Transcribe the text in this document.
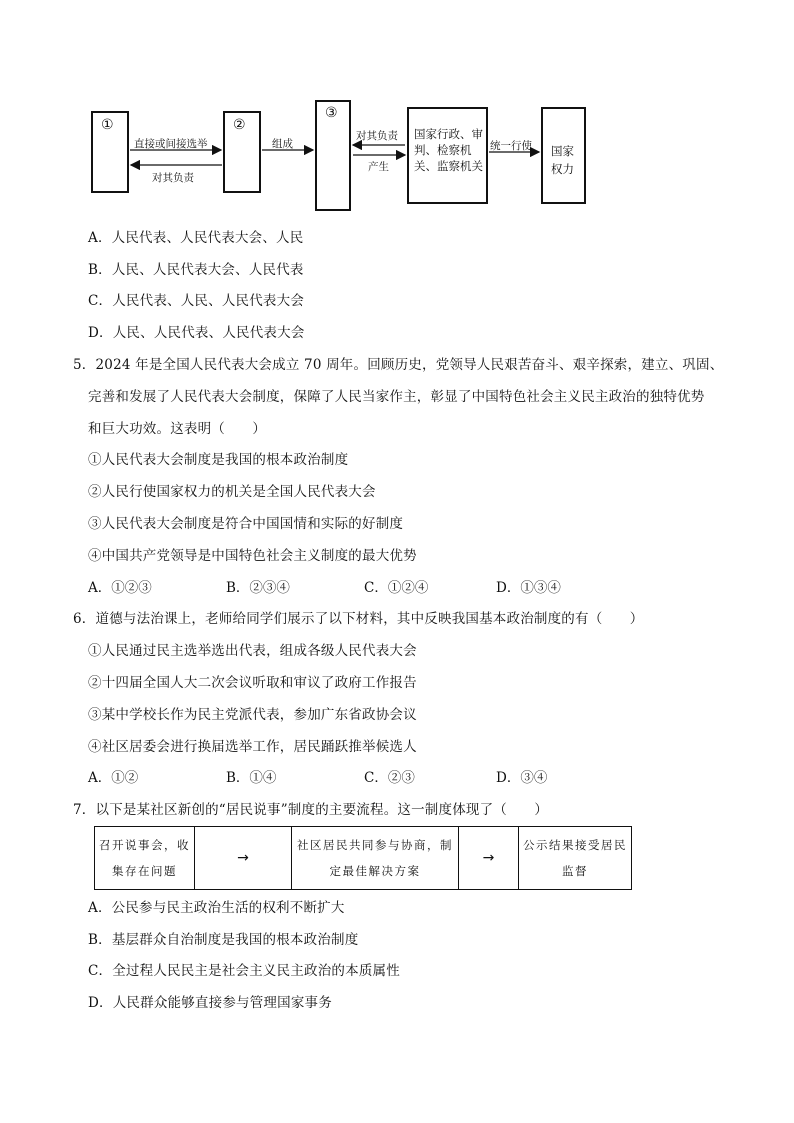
①	②
③
国家行政、审判、检察机关、监察机关
国家权力
直接或间接选举
对其负责
组成
对其负责
产生
统一行使
A．人民代表、人民代表大会、人民
B．人民、人民代表大会、人民代表
C．人民代表、人民、人民代表大会
D．人民、人民代表、人民代表大会
5．2024 年是全国人民代表大会成立 70 周年。回顾历史，党领导人民艰苦奋斗、艰辛探索，建立、巩固、
完善和发展了人民代表大会制度，保障了人民当家作主，彰显了中国特色社会主义民主政治的独特优势
和巨大功效。这表明（　　）
①人民代表大会制度是我国的根本政治制度
②人民行使国家权力的机关是全国人民代表大会
③人民代表大会制度是符合中国国情和实际的好制度
④中国共产党领导是中国特色社会主义制度的最大优势
A．①②③	B．②③④	C．①②④	D．①③④
6．道德与法治课上，老师给同学们展示了以下材料，其中反映我国基本政治制度的有（　　）
①人民通过民主选举选出代表，组成各级人民代表大会
②十四届全国人大二次会议听取和审议了政府工作报告
③某中学校长作为民主党派代表，参加广东省政协会议
④社区居委会进行换届选举工作，居民踊跃推举候选人
A．①②	B．①④	C．②③	D．③④
7．以下是某社区新创的“居民说事”制度的主要流程。这一制度体现了（　　）
召开说事会，收集存在问题
→
社区居民共同参与协商，制定最佳解决方案
→
公示结果接受居民监督
A．公民参与民主政治生活的权利不断扩大
B．基层群众自治制度是我国的根本政治制度
C．全过程人民民主是社会主义民主政治的本质属性
D．人民群众能够直接参与管理国家事务
